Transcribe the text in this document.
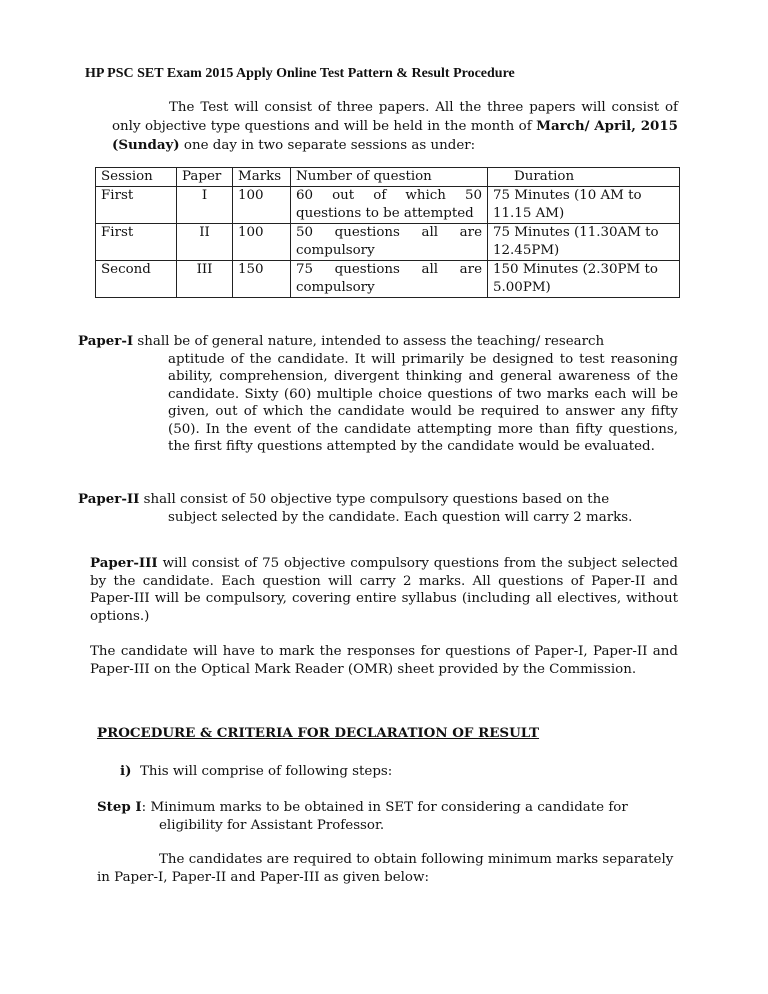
HP PSC SET Exam 2015 Apply Online Test Pattern & Result Procedure
The Test will consist of three papers. All the three papers will consist of only objective type questions and will be held in the month of March/ April, 2015 (Sunday) one day in two separate sessions as under:
Session	Paper	Marks	Number of question	Duration
First	I	100	60 out of which 50 questions to be attempted	75 Minutes (10 AM to 11.15 AM)
First	II	100	50 questions all are compulsory	75 Minutes (11.30AM to 12.45PM)
Second	III	150	75 questions all are compulsory	150 Minutes (2.30PM to 5.00PM)
Paper-I shall be of general nature, intended to assess the teaching/ research
aptitude of the candidate. It will primarily be designed to test reasoning ability, comprehension, divergent thinking and general awareness of the candidate. Sixty (60) multiple choice questions of two marks each will be given, out of which the candidate would be required to answer any fifty (50). In the event of the candidate attempting more than fifty questions, the first fifty questions attempted by the candidate would be evaluated.
Paper-II shall consist of 50 objective type compulsory questions based on the
subject selected by the candidate. Each question will carry 2 marks.
Paper-III will consist of 75 objective compulsory questions from the subject selected by the candidate. Each question will carry 2 marks. All questions of Paper-II and Paper-III will be compulsory, covering entire syllabus (including all electives, without options.)
The candidate will have to mark the responses for questions of Paper-I, Paper-II and Paper-III on the Optical Mark Reader (OMR) sheet provided by the Commission.
PROCEDURE & CRITERIA FOR DECLARATION OF RESULT
i) This will comprise of following steps:
Step I: Minimum marks to be obtained in SET for considering a candidate for
eligibility for Assistant Professor.
The candidates are required to obtain following minimum marks separately in Paper-I, Paper-II and Paper-III as given below:
